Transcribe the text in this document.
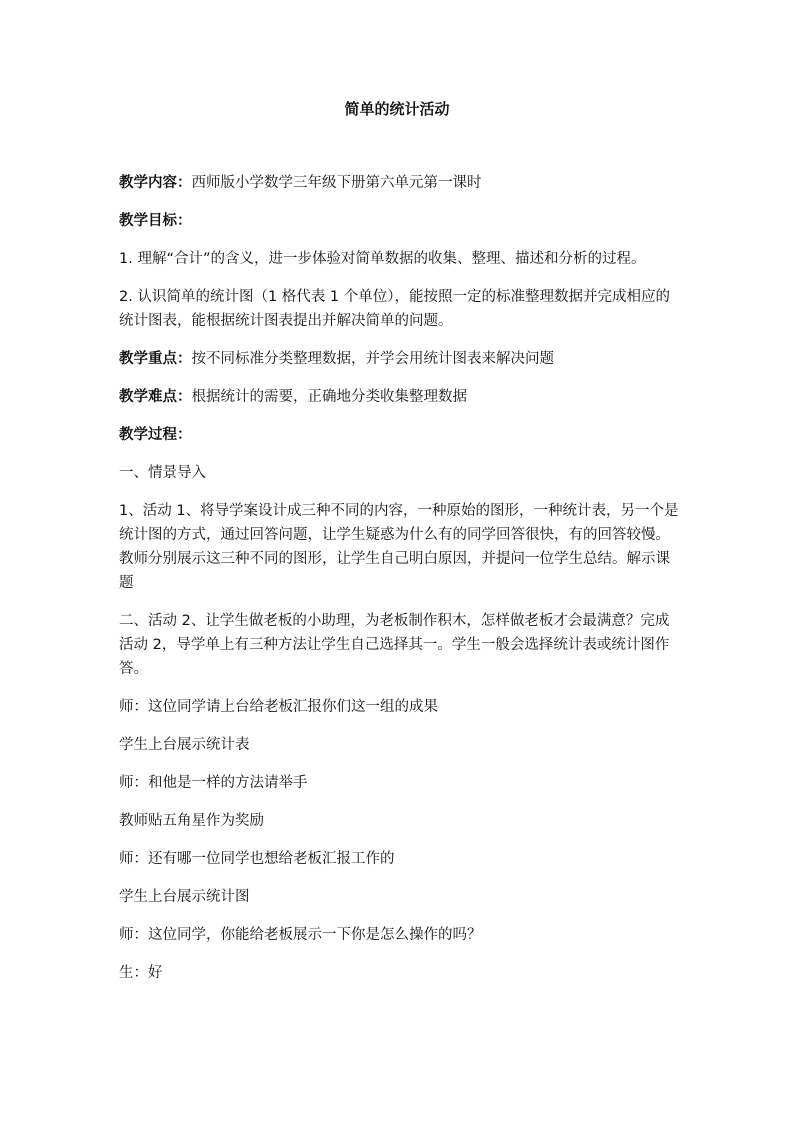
简单的统计活动

教学内容：西师版小学数学三年级下册第六单元第一课时

教学目标：

1. 理解“合计”的含义，进一步体验对简单数据的收集、整理、描述和分析的过程。

2. 认识简单的统计图（1 格代表 1 个单位），能按照一定的标准整理数据并完成相应的统计图表，能根据统计图表提出并解决简单的问题。

教学重点：按不同标准分类整理数据，并学会用统计图表来解决问题

教学难点：根据统计的需要，正确地分类收集整理数据

教学过程：

一、情景导入

1、活动 1、将导学案设计成三种不同的内容，一种原始的图形，一种统计表，另一个是统计图的方式，通过回答问题，让学生疑惑为什么有的同学回答很快，有的回答较慢。教师分别展示这三种不同的图形，让学生自己明白原因，并提问一位学生总结。解示课题

二、活动 2、让学生做老板的小助理，为老板制作积木，怎样做老板才会最满意？完成活动 2，导学单上有三种方法让学生自己选择其一。学生一般会选择统计表或统计图作答。

师：这位同学请上台给老板汇报你们这一组的成果

学生上台展示统计表

师：和他是一样的方法请举手

教师贴五角星作为奖励

师：还有哪一位同学也想给老板汇报工作的

学生上台展示统计图

师：这位同学，你能给老板展示一下你是怎么操作的吗？

生：好
